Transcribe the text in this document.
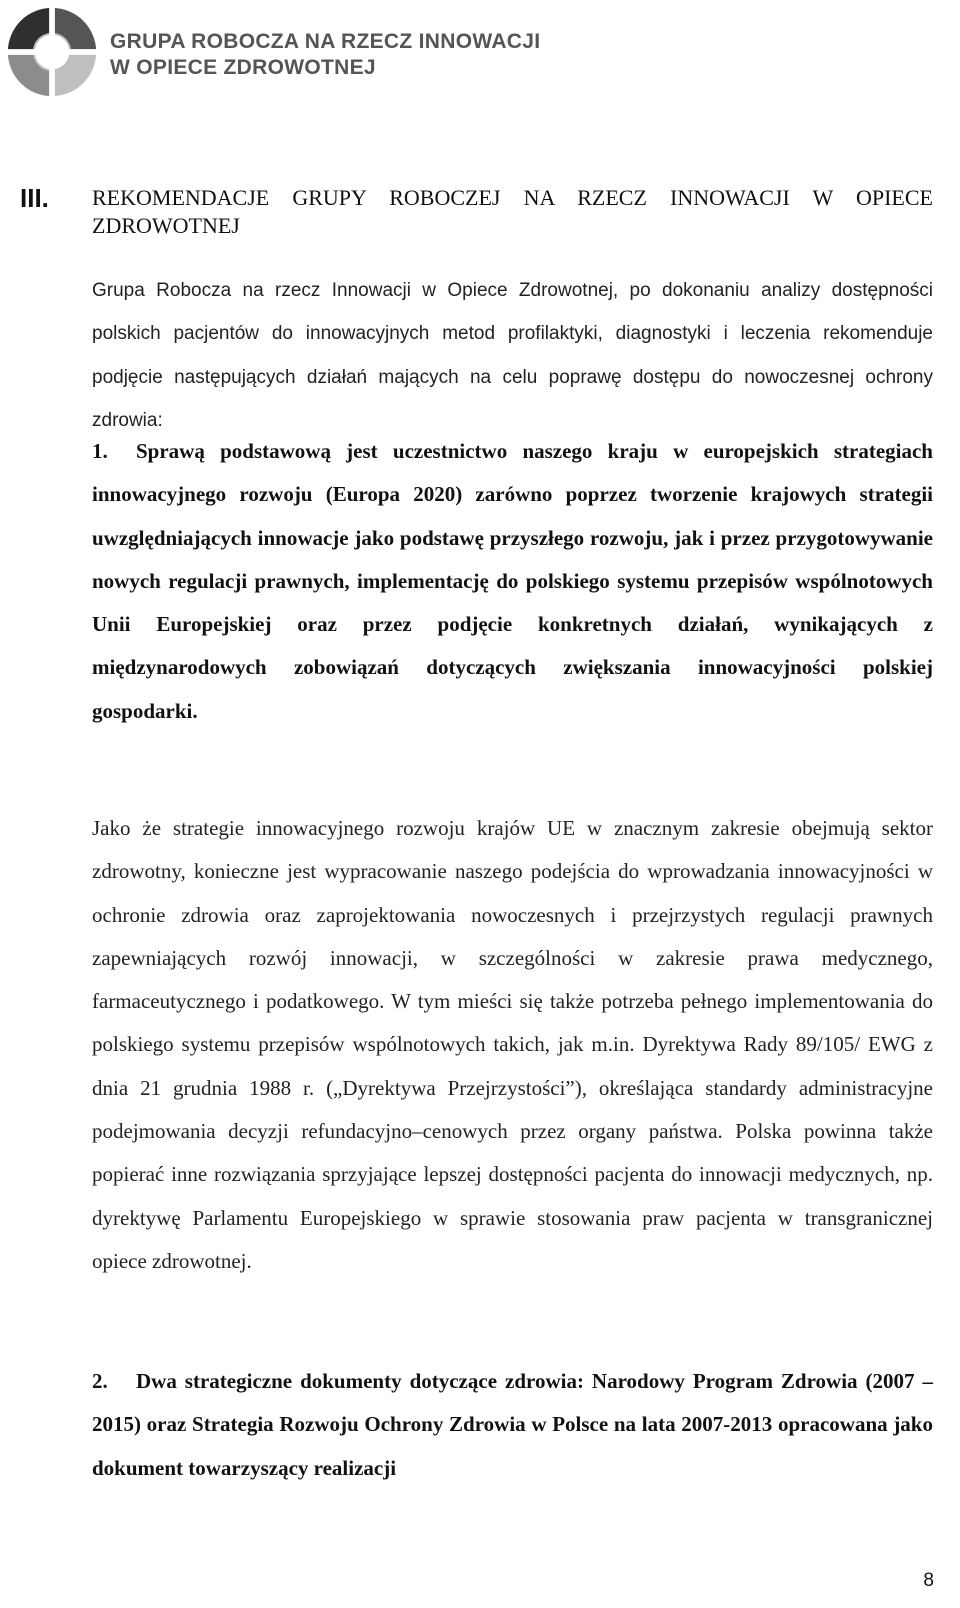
GRUPA ROBOCZA NA RZECZ INNOWACJI
W OPIECE ZDROWOTNEJ
III. REKOMENDACJE GRUPY ROBOCZEJ NA RZECZ INNOWACJI W OPIECE ZDROWOTNEJ

Grupa Robocza na rzecz Innowacji w Opiece Zdrowotnej, po dokonaniu analizy dostępności polskich pacjentów do innowacyjnych metod profilaktyki, diagnostyki i leczenia rekomenduje podjęcie następujących działań mających na celu poprawę dostępu do nowoczesnej ochrony zdrowia:

1. Sprawą podstawową jest uczestnictwo naszego kraju w europejskich strategiach innowacyjnego rozwoju (Europa 2020) zarówno poprzez tworzenie krajowych strategii uwzględniających innowacje jako podstawę przyszłego rozwoju, jak i przez przygotowywanie nowych regulacji prawnych, implementację do polskiego systemu przepisów wspólnotowych Unii Europejskiej oraz przez podjęcie konkretnych działań, wynikających z międzynarodowych zobowiązań dotyczących zwiększania innowacyjności polskiej gospodarki.

Jako że strategie innowacyjnego rozwoju krajów UE w znacznym zakresie obejmują sektor zdrowotny, konieczne jest wypracowanie naszego podejścia do wprowadzania innowacyjności w ochronie zdrowia oraz zaprojektowania nowoczesnych i przejrzystych regulacji prawnych zapewniających rozwój innowacji, w szczególności w zakresie prawa medycznego, farmaceutycznego i podatkowego. W tym mieści się także potrzeba pełnego implementowania do polskiego systemu przepisów wspólnotowych takich, jak m.in. Dyrektywa Rady 89/105/ EWG z dnia 21 grudnia 1988 r. („Dyrektywa Przejrzystości”), określająca standardy administracyjne podejmowania decyzji refundacyjno–cenowych przez organy państwa. Polska powinna także popierać inne rozwiązania sprzyjające lepszej dostępności pacjenta do innowacji medycznych, np. dyrektywę Parlamentu Europejskiego w sprawie stosowania praw pacjenta w transgranicznej opiece zdrowotnej.

2. Dwa strategiczne dokumenty dotyczące zdrowia: Narodowy Program Zdrowia (2007 – 2015) oraz Strategia Rozwoju Ochrony Zdrowia w Polsce na lata 2007-2013 opracowana jako dokument towarzyszący realizacji
8
